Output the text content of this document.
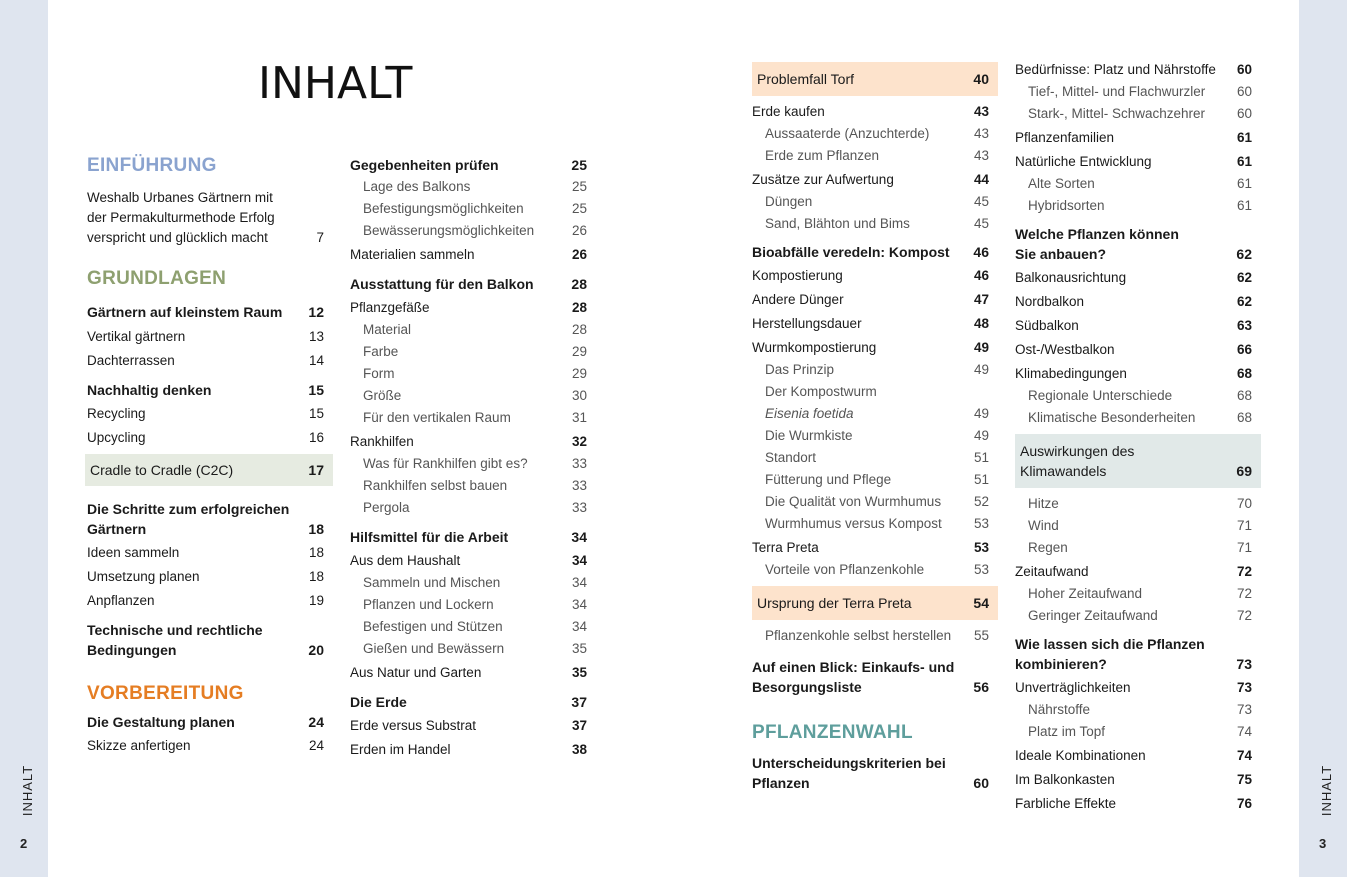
INHALT
2
INHALT
3
INHALT
EINFÜHRUNG
Weshalb Urbanes Gärtnern mit der Permakulturmethode Erfolg verspricht und glücklich macht	7
GRUNDLAGEN
Gärtnern auf kleinstem Raum 12
Vertikal gärtnern	13
Dachterrassen	14
Nachhaltig denken	15
Recycling	15
Upcycling	16
Cradle to Cradle (C2C)	17
Die Schritte zum erfolgreichen
Gärtnern	18
Ideen sammeln	18
Umsetzung planen	18
Anpflanzen	19
Technische und rechtliche
Bedingungen	20
VORBEREITUNG
Die Gestaltung planen	24
Skizze anfertigen	24
Gegebenheiten prüfen	25
Lage des Balkons	25
Befestigungsmöglichkeiten	25
Bewässerungsmöglichkeiten	26
Materialien sammeln	26
Ausstattung für den Balkon	28
Pflanzgefäße	28
Material	28
Farbe	29
Form	29
Größe	30
Für den vertikalen Raum	31
Rankhilfen	32
Was für Rankhilfen gibt es?	33
Rankhilfen selbst bauen	33
Pergola	33
Hilfsmittel für die Arbeit	34
Aus dem Haushalt	34
Sammeln und Mischen	34
Pflanzen und Lockern	34
Befestigen und Stützen	34
Gießen und Bewässern	35
Aus Natur und Garten	35
Die Erde	37
Erde versus Substrat	37
Erden im Handel	38
Problemfall Torf	40
Erde kaufen	43
Aussaaterde (Anzuchterde)	43
Erde zum Pflanzen	43
Zusätze zur Aufwertung	44
Düngen	45
Sand, Blähton und Bims	45
Bioabfälle veredeln: Kompost 46
Kompostierung	46
Andere Dünger	47
Herstellungsdauer	48
Wurmkompostierung	49
Das Prinzip	49
Der Kompostwurm
Eisenia foetida	49
Die Wurmkiste	49
Standort	51
Fütterung und Pflege	51
Die Qualität von Wurmhumus 52
Wurmhumus versus Kompost 53
Terra Preta	53
Vorteile von Pflanzenkohle	53
Ursprung der Terra Preta	54
Pflanzenkohle selbst herstellen 55
Auf einen Blick: Einkaufs- und
Besorgungsliste	56
PFLANZENWAHL
Unterscheidungskriterien bei
Pflanzen	60
Bedürfnisse: Platz und Nährstoffe 60
Tief-, Mittel- und Flachwurzler 60
Stark-, Mittel- Schwachzehrer 60
Pflanzenfamilien	61
Natürliche Entwicklung	61
Alte Sorten	61
Hybridsorten	61
Welche Pflanzen können
Sie anbauen?	62
Balkonausrichtung	62
Nordbalkon	62
Südbalkon	63
Ost-/Westbalkon	66
Klimabedingungen	68
Regionale Unterschiede	68
Klimatische Besonderheiten	68
Auswirkungen des Klimawandels	69
Hitze	70
Wind	71
Regen	71
Zeitaufwand	72
Hoher Zeitaufwand	72
Geringer Zeitaufwand	72
Wie lassen sich die Pflanzen
kombinieren?	73
Unverträglichkeiten	73
Nährstoffe	73
Platz im Topf	74
Ideale Kombinationen	74
Im Balkonkasten	75
Farbliche Effekte	76
